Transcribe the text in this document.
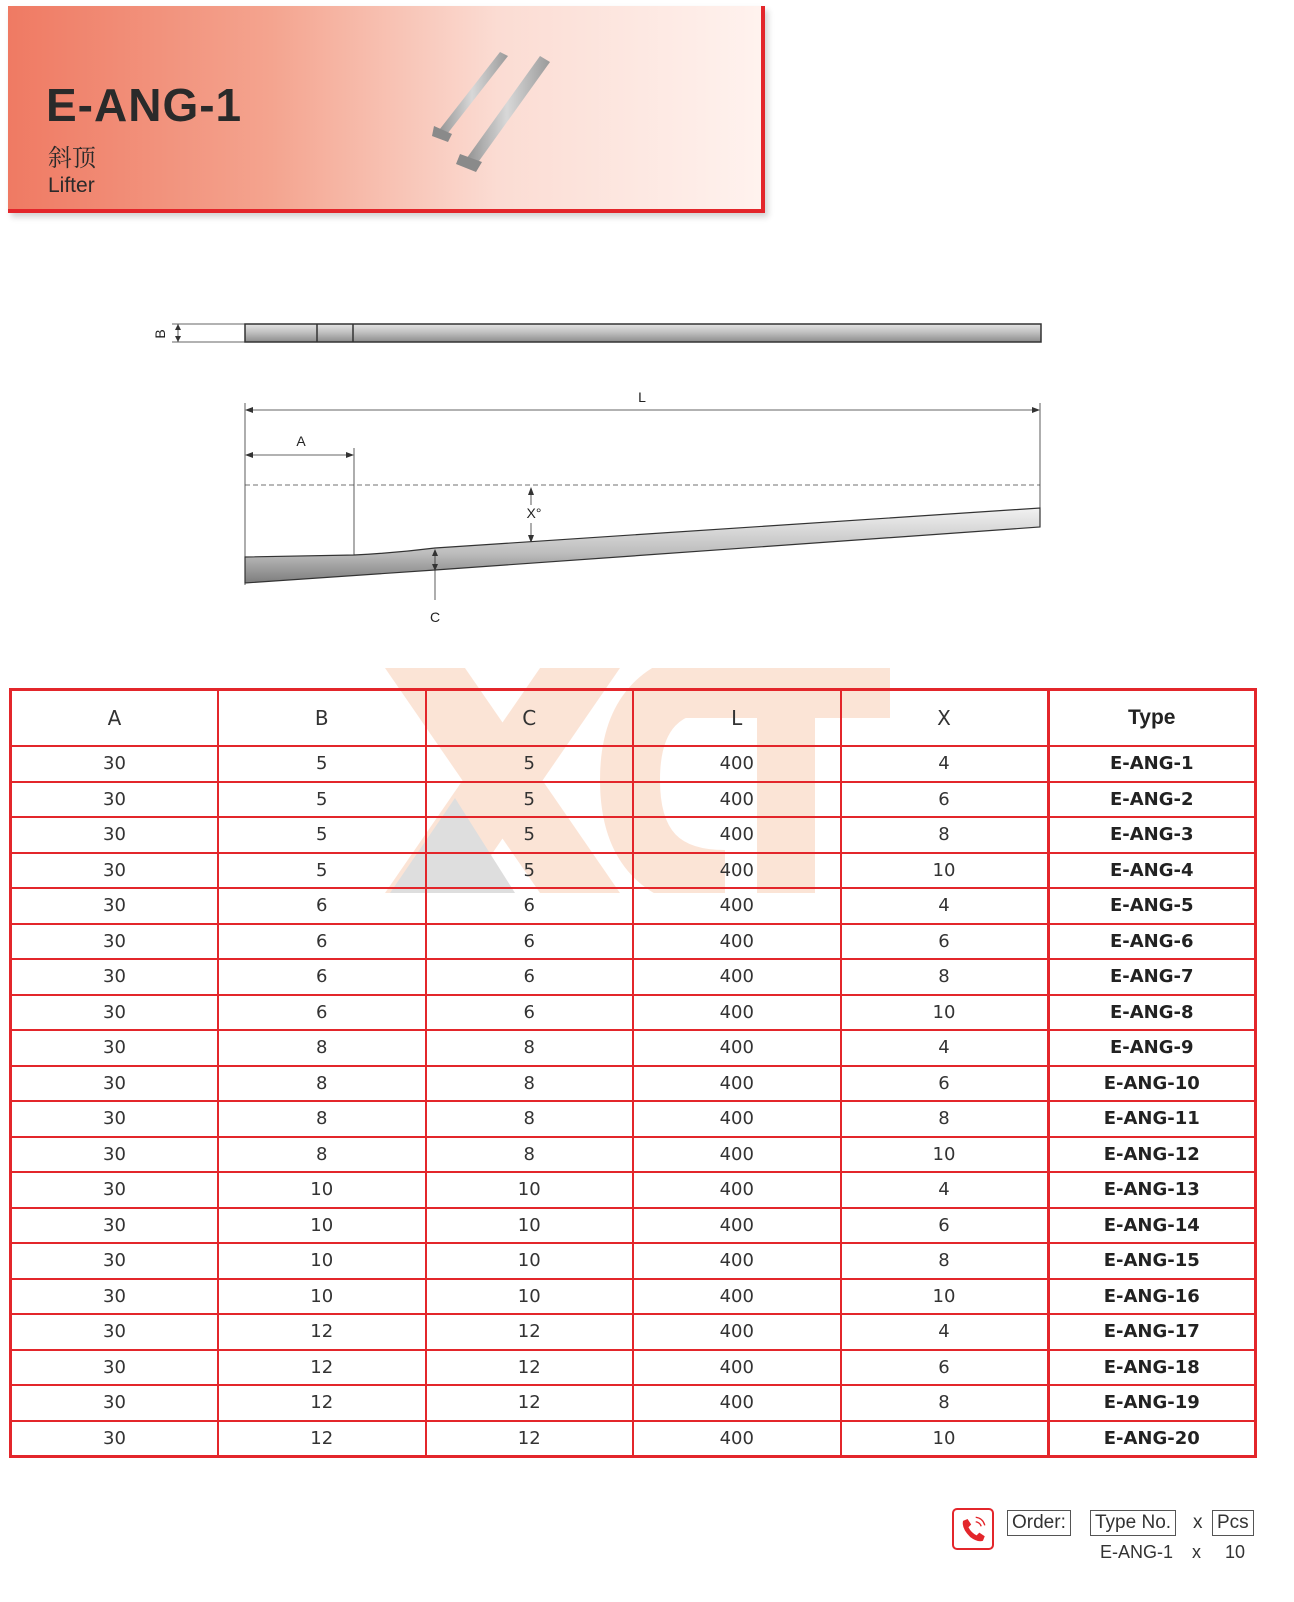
E-ANG-1
斜顶
Lifter
B
L
A
X°
C
A	B	C	L	X	Type
30	5	5	400	4	E-ANG-1
30	5	5	400	6	E-ANG-2
30	5	5	400	8	E-ANG-3
30	5	5	400	10	E-ANG-4
30	6	6	400	4	E-ANG-5
30	6	6	400	6	E-ANG-6
30	6	6	400	8	E-ANG-7
30	6	6	400	10	E-ANG-8
30	8	8	400	4	E-ANG-9
30	8	8	400	6	E-ANG-10
30	8	8	400	8	E-ANG-11
30	8	8	400	10	E-ANG-12
30	10	10	400	4	E-ANG-13
30	10	10	400	6	E-ANG-14
30	10	10	400	8	E-ANG-15
30	10	10	400	10	E-ANG-16
30	12	12	400	4	E-ANG-17
30	12	12	400	6	E-ANG-18
30	12	12	400	8	E-ANG-19
30	12	12	400	10	E-ANG-20
Order: Type No. x Pcs
E-ANG-1 x 10
